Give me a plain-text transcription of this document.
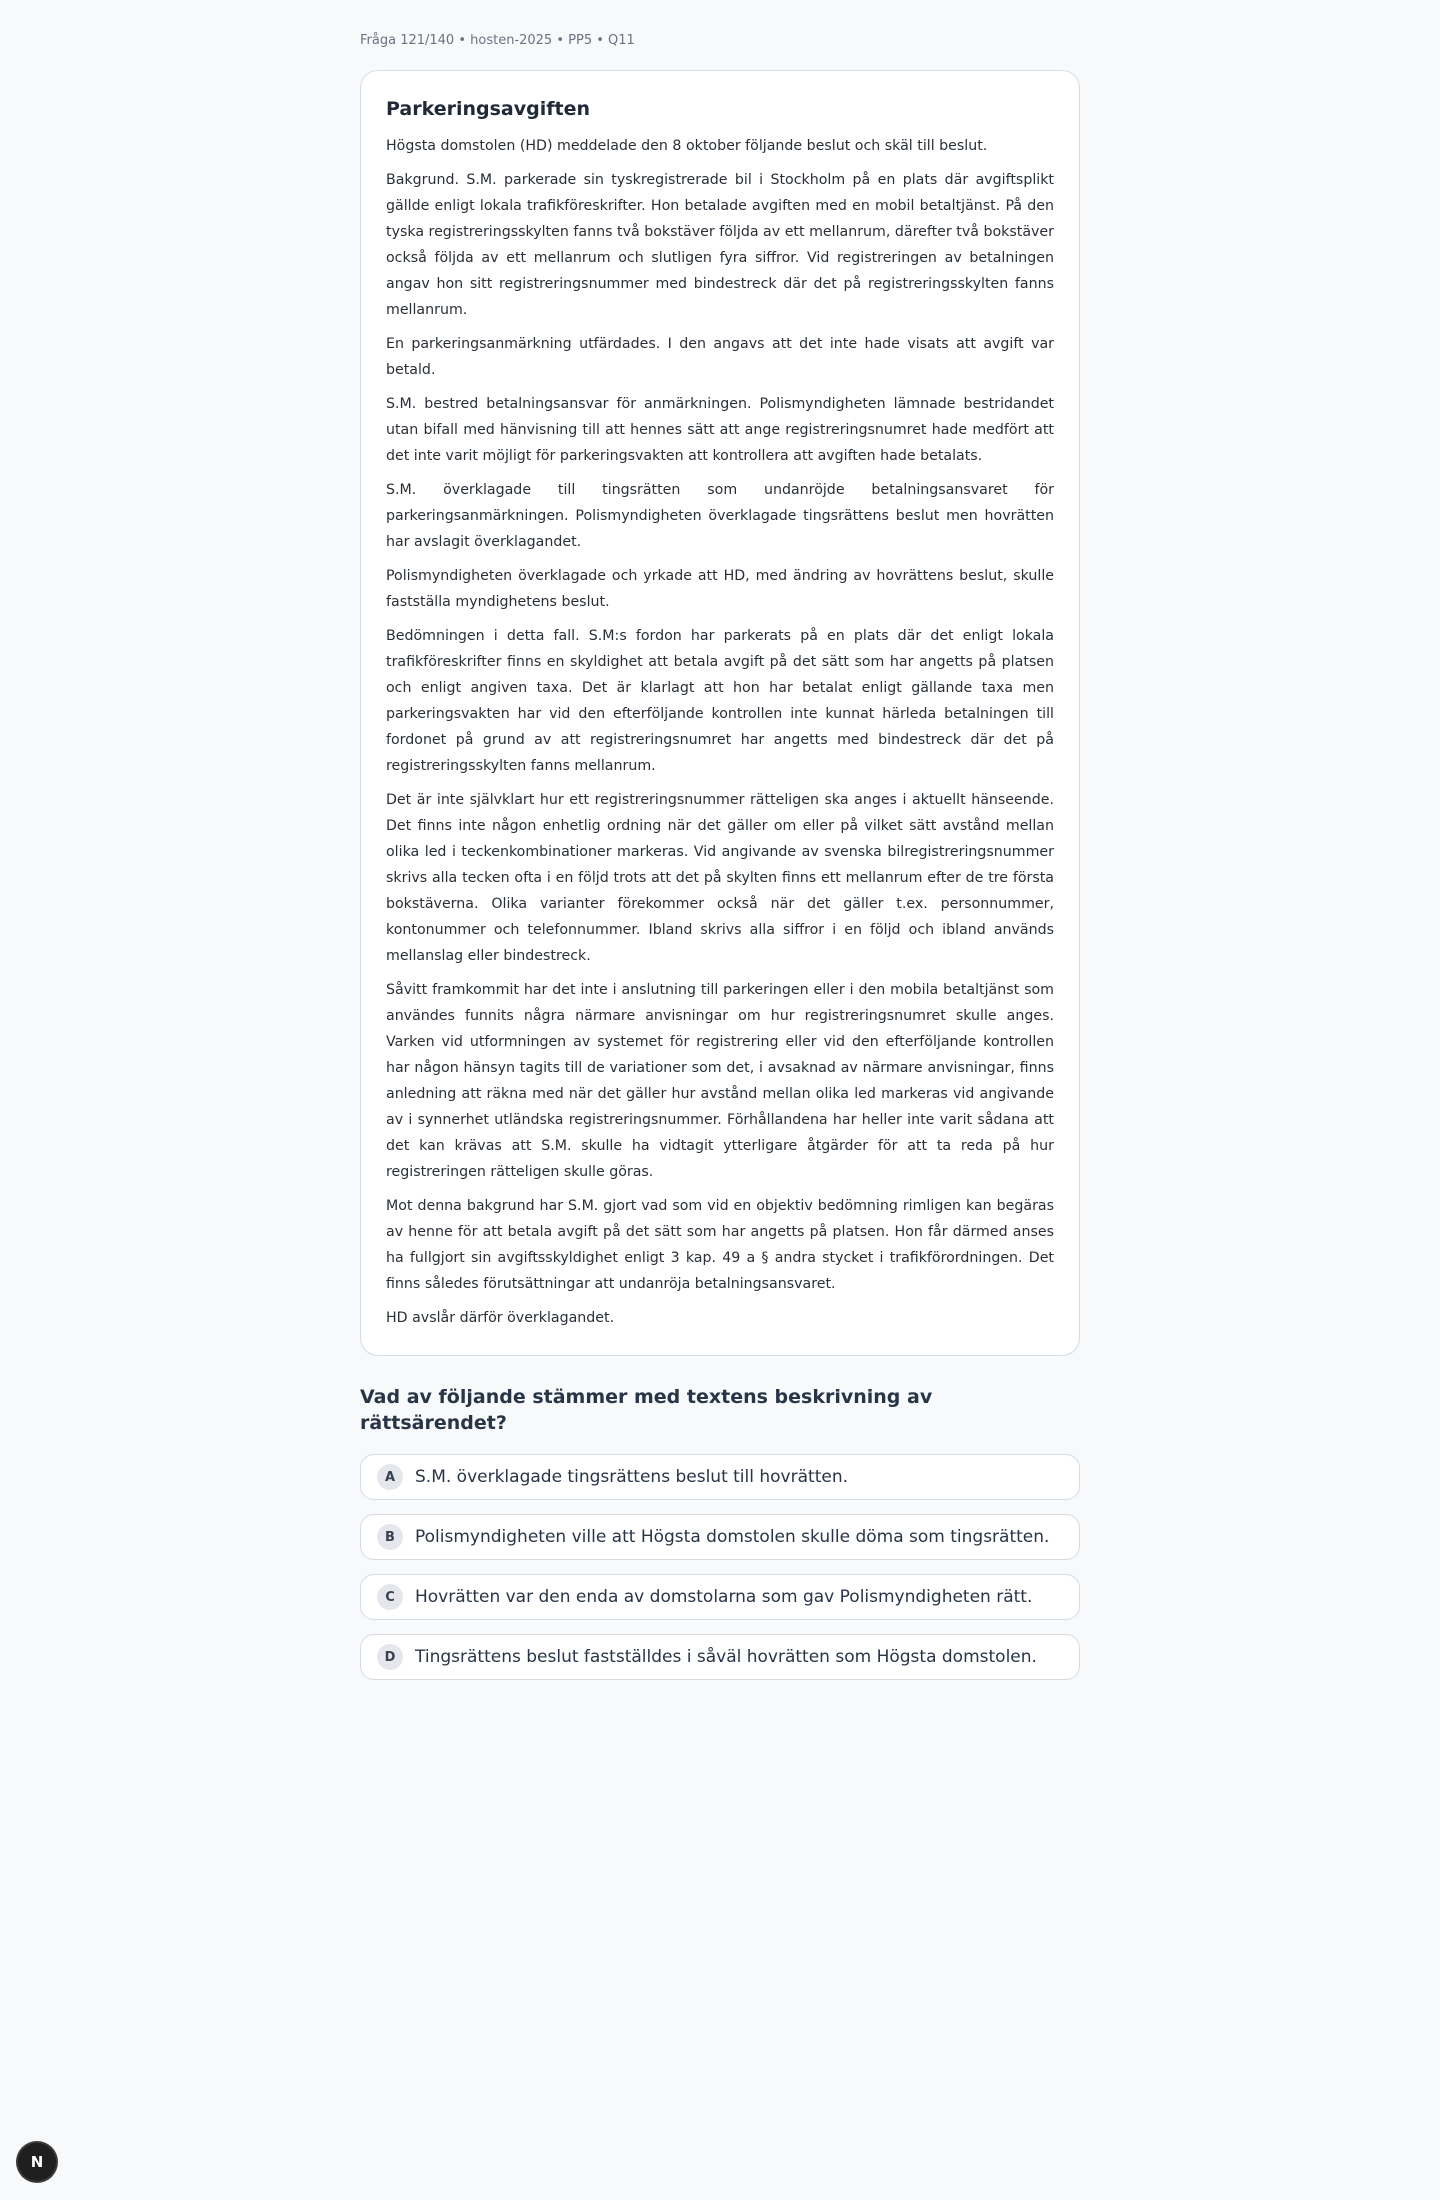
Fråga 121/140 • hosten-2025 • PP5 • Q11
Parkeringsavgiften

Högsta domstolen (HD) meddelade den 8 oktober följande beslut och skäl till beslut.

Bakgrund. S.M. parkerade sin tyskregistrerade bil i Stockholm på en plats där avgiftsplikt gällde enligt lokala trafikföreskrifter. Hon betalade avgiften med en mobil betaltjänst. På den tyska registreringsskylten fanns två bokstäver följda av ett mellanrum, därefter två bokstäver också följda av ett mellanrum och slutligen fyra siffror. Vid registreringen av betalningen angav hon sitt registreringsnummer med bindestreck där det på registreringsskylten fanns mellanrum.

En parkeringsanmärkning utfärdades. I den angavs att det inte hade visats att avgift var betald.

S.M. bestred betalningsansvar för anmärkningen. Polismyndigheten lämnade bestridandet utan bifall med hänvisning till att hennes sätt att ange registreringsnumret hade medfört att det inte varit möjligt för parkeringsvakten att kontrollera att avgiften hade betalats.

S.M. överklagade till tingsrätten som undanröjde betalningsansvaret för parkeringsanmärkningen. Polismyndigheten överklagade tingsrättens beslut men hovrätten har avslagit överklagandet.

Polismyndigheten överklagade och yrkade att HD, med ändring av hovrättens beslut, skulle fastställa myndighetens beslut.

Bedömningen i detta fall. S.M:s fordon har parkerats på en plats där det enligt lokala trafikföreskrifter finns en skyldighet att betala avgift på det sätt som har angetts på platsen och enligt angiven taxa. Det är klarlagt att hon har betalat enligt gällande taxa men parkeringsvakten har vid den efterföljande kontrollen inte kunnat härleda betalningen till fordonet på grund av att registreringsnumret har angetts med bindestreck där det på registreringsskylten fanns mellanrum.

Det är inte självklart hur ett registreringsnummer rätteligen ska anges i aktuellt hänseende. Det finns inte någon enhetlig ordning när det gäller om eller på vilket sätt avstånd mellan olika led i teckenkombinationer markeras. Vid angivande av svenska bilregistreringsnummer skrivs alla tecken ofta i en följd trots att det på skylten finns ett mellanrum efter de tre första bokstäverna. Olika varianter förekommer också när det gäller t.ex. personnummer, kontonummer och telefonnummer. Ibland skrivs alla siffror i en följd och ibland används mellanslag eller bindestreck.

Såvitt framkommit har det inte i anslutning till parkeringen eller i den mobila betaltjänst som användes funnits några närmare anvisningar om hur registreringsnumret skulle anges. Varken vid utformningen av systemet för registrering eller vid den efterföljande kontrollen har någon hänsyn tagits till de variationer som det, i avsaknad av närmare anvisningar, finns anledning att räkna med när det gäller hur avstånd mellan olika led markeras vid angivande av i synnerhet utländska registreringsnummer. Förhållandena har heller inte varit sådana att det kan krävas att S.M. skulle ha vidtagit ytterligare åtgärder för att ta reda på hur registreringen rätteligen skulle göras.

Mot denna bakgrund har S.M. gjort vad som vid en objektiv bedömning rimligen kan begäras av henne för att betala avgift på det sätt som har angetts på platsen. Hon får därmed anses ha fullgjort sin avgiftsskyldighet enligt 3 kap. 49 a § andra stycket i trafikförordningen. Det finns således förutsättningar att undanröja betalningsansvaret.

HD avslår därför överklagandet.

Vad av följande stämmer med textens beskrivning av rättsärendet?
A	S.M. överklagade tingsrättens beslut till hovrätten.
B	Polismyndigheten ville att Högsta domstolen skulle döma som tingsrätten.
C	Hovrätten var den enda av domstolarna som gav Polismyndigheten rätt.
D	Tingsrättens beslut fastställdes i såväl hovrätten som Högsta domstolen.
N
